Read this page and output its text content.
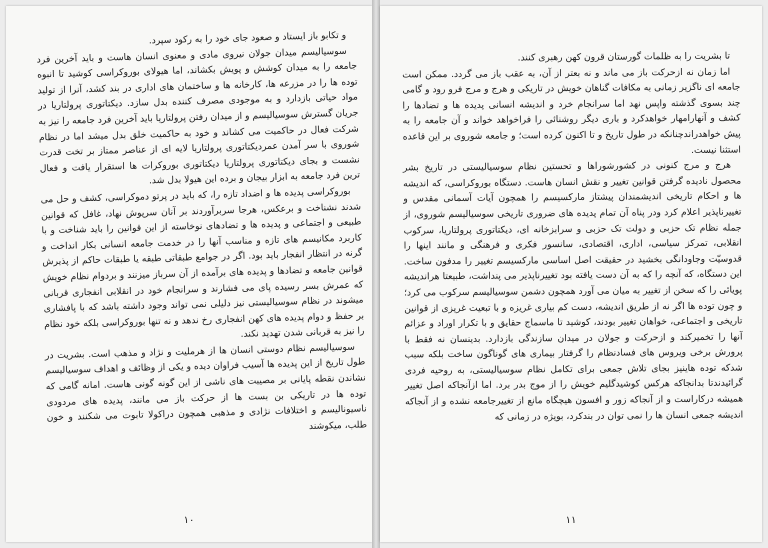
و تکابو باز ایستاد و صعود جای خود را به رکود سپرد.

سوسیالیسم میدان جولان نیروی مادی و معنوی انسان هاست و باید آخرین فرد جامعه را به میدان کوشش و پویش بکشاند، اما هیولای بوروکراسی کوشید تا انبوه توده ها را در مزرعه ها، کارخانه ها و ساختمان های اداری در بند کشد، آنرا از تولید مواد حیاتی بازدارد و به موجودی مصرف کننده بدل سازد. دیکتاتوری پرولتاریا در جریان گسترش سوسیالیسم و از میدان رفتن پرولتاریا باید آخرین فرد جامعه را نیز به شرکت فعال در حاکمیت می کشاند و خود به حاکمیت خلق بدل میشد اما در نظام شوروی با سر آمدن عمردیکتاتوری پرولتاریا لایه ای از عناصر ممتاز بر تخت قدرت نشست و بجای دیکتاتوری پرولتاریا دیکتاتوری بوروکرات ها استقرار یافت و فعال ترین فرد جامعه به ابزار بیجان و برده این هیولا بدل شد.

بوروکراسی پدیده ها و اضداد تازه را، که باید در پرتو دموکراسی، کشف و حل می شدند نشناخت و برعکس، هرجا سربرآوردند بر آنان سرپوش نهاد، غافل که قوانین طبیعی و اجتماعی و پدیده ها و تضادهای نوخاسته از این قوانین را باید شناخت و با کاربرد مکانیسم های تازه و مناسب آنها را در خدمت جامعه انسانی بکار انداخت و گرنه در انتظار انفجار باید بود. اگر در جوامع طبقاتی طبقه یا طبقات حاکم از پذیرش قوانین جامعه و تضادها و پدیده های برآمده از آن سرباز میزنند و بردوام نظام خویش که عمرش بسر رسیده پای می فشارند و سرانجام خود در انقلابی انفجاری قربانی میشوند در نظام سوسیالیستی نیز دلیلی نمی تواند وجود داشته باشد که با پافشاری بر حفظ و دوام پدیده های کهن انفجاری رخ ندهد و نه تنها بوروکراسی بلکه خود نظام را نیز به قربانی شدن تهدید نکند.

سوسیالیسم نظام دوستی انسان ها از هرملیت و نژاد و مذهب است. بشریت در طول تاریخ از این پدیده ها آسیب فراوان دیده و یکی از وظائف و اهداف سوسیالیسم نشاندن نقطه پایانی بر مصیبت های ناشی از این گونه گونی هاست. امانه گامی که توده ها در تاریکی بن بست ها از حرکت باز می مانند، پدیده های مردودی ناسیونالیسم و اختلافات نژادی و مذهبی همچون دراکولا تابوت می شکنند و خون طلب، میکوشند

۱۰

تا بشریت را به ظلمات گورستان قرون کهن رهبری کنند.

اما زمان نه ازحرکت باز می ماند و نه بعتر از آن، به عقب باز می گردد. ممکن است جامعه ای ناگزیر زمانی به مکافات گناهان خویش در تاریکی و هرج و مرج فرو رود و گامی چند بسوی گذشته واپس نهد اما سرانجام خرد و اندیشه انسانی پدیده ها و تضادها را کشف و آنهارامهار خواهدکرد و باری دیگر روشنائی را فراخواهد خواند و آن جامعه را به پیش خواهدراندچنانکه در طول تاریخ و تا اکنون کرده است؛ و جامعه شوروی بر این قاعده استثنا نیست.

هرج و مرج کنونی در کشورشوراها و تحستین نظام سوسیالیستی در تاریخ بشر محصول نادیده گرفتن قوانین تغییر و نقش انسان هاست. دستگاه بوروکراسی، که اندیشه ها و احکام تاریخی اندیشمندان پیشتاز مارکسیسم را همچون آیات آسمانی مقدس و تغییرناپذیر اعلام کرد ودر پناه آن تمام پدیده های ضروری تاریخی سوسیالیسم شوروی، از جمله نظام تک حزبی و دولت تک حزبی و سرابزخانه ای، دیکتاتوری پرولتاریا، سرکوب انقلابی، تمرکز سیاسی، اداری، اقتصادی، سانسور فکری و فرهنگی و مانند اینها را قدوسیّت وجاودانگی بخشید در حقیقت اصل اساسی مارکسیسم تغییر را مدفون ساخت. این دستگاه، که آنچه را که به آن دست یافته بود تغییرناپذیر می پنداشت، طبیعتا هراندیشه پویائی را که سخن از تغییر به میان می آورد همچون دشمن سوسیالیسم سرکوب می کرد؛ و چون توده ها اگر نه از طریق اندیشه، دست کم بیاری غریزه و با تبعیت غریزی از قوانین تاریخی و اجتماعی، خواهان تغییر بودند، کوشید تا ماسماج حقایق و با تکرار اوراد و عزائم آنها را تخمیرکند و ازحرکت و جولان در میدان سازندگی بازدارد. بدینسان نه فقط با پرورش برخی ویروس های فسادنظام را گرفتار بیماری های گوناگون ساخت بلکه سبب شدکه توده هاینیز بجای تلاش جمعی برای تکامل نظام سوسیالیستی، به روحیه فردی گرائیدندتا بدانجاکه هرکس کوشیدگلیم خویش را از موج بدر برد. اما ازآنجاکه اصل تغییر همیشه درکاراست و از آنجاکه زور و افسون هیچگاه مانع از تغییرجامعه نشده و از آنجاکه اندیشه جمعی انسان ها را نمی توان در بندکرد، بویژه در زمانی که

۱۱
